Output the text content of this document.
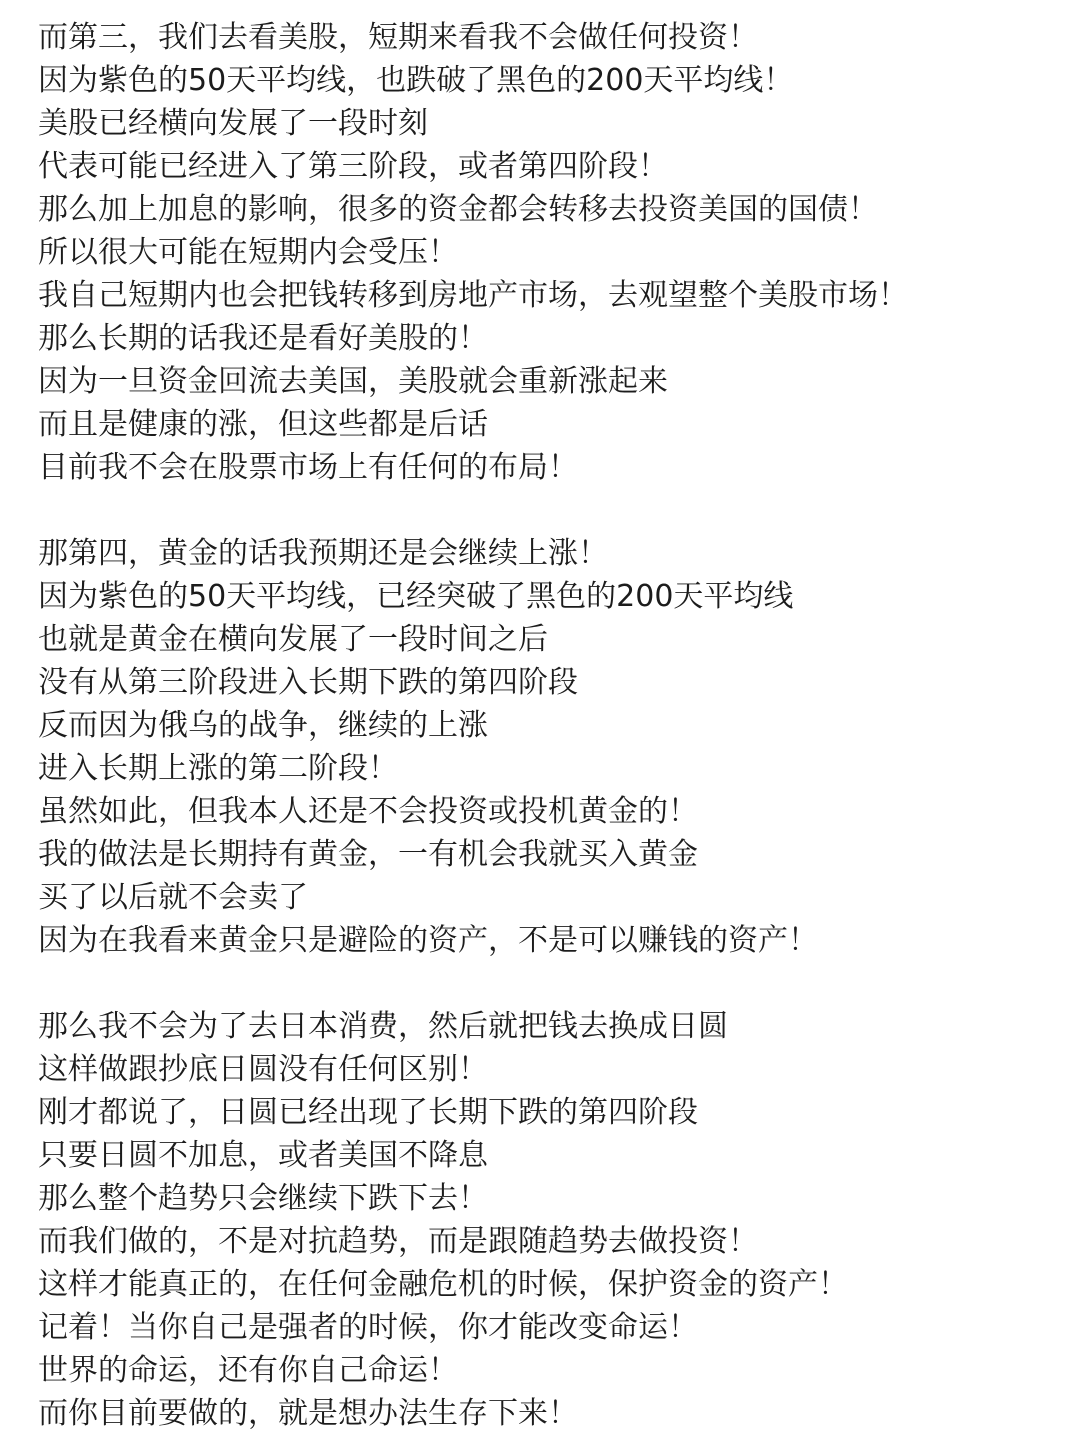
而第三，我们去看美股，短期来看我不会做任何投资！
因为紫色的50天平均线，也跌破了黑色的200天平均线！
美股已经横向发展了一段时刻
代表可能已经进入了第三阶段，或者第四阶段！
那么加上加息的影响，很多的资金都会转移去投资美国的国债！
所以很大可能在短期内会受压！
我自己短期内也会把钱转移到房地产市场，去观望整个美股市场！
那么长期的话我还是看好美股的！
因为一旦资金回流去美国，美股就会重新涨起来
而且是健康的涨，但这些都是后话
目前我不会在股票市场上有任何的布局！
那第四，黄金的话我预期还是会继续上涨！
因为紫色的50天平均线，已经突破了黑色的200天平均线
也就是黄金在横向发展了一段时间之后
没有从第三阶段进入长期下跌的第四阶段
反而因为俄乌的战争，继续的上涨
进入长期上涨的第二阶段！
虽然如此，但我本人还是不会投资或投机黄金的！
我的做法是长期持有黄金，一有机会我就买入黄金
买了以后就不会卖了
因为在我看来黄金只是避险的资产，不是可以赚钱的资产！
那么我不会为了去日本消费，然后就把钱去换成日圆
这样做跟抄底日圆没有任何区别！
刚才都说了，日圆已经出现了长期下跌的第四阶段
只要日圆不加息，或者美国不降息
那么整个趋势只会继续下跌下去！
而我们做的，不是对抗趋势，而是跟随趋势去做投资！
这样才能真正的，在任何金融危机的时候，保护资金的资产！
记着！当你自己是强者的时候，你才能改变命运！
世界的命运，还有你自己命运！
而你目前要做的，就是想办法生存下来！
